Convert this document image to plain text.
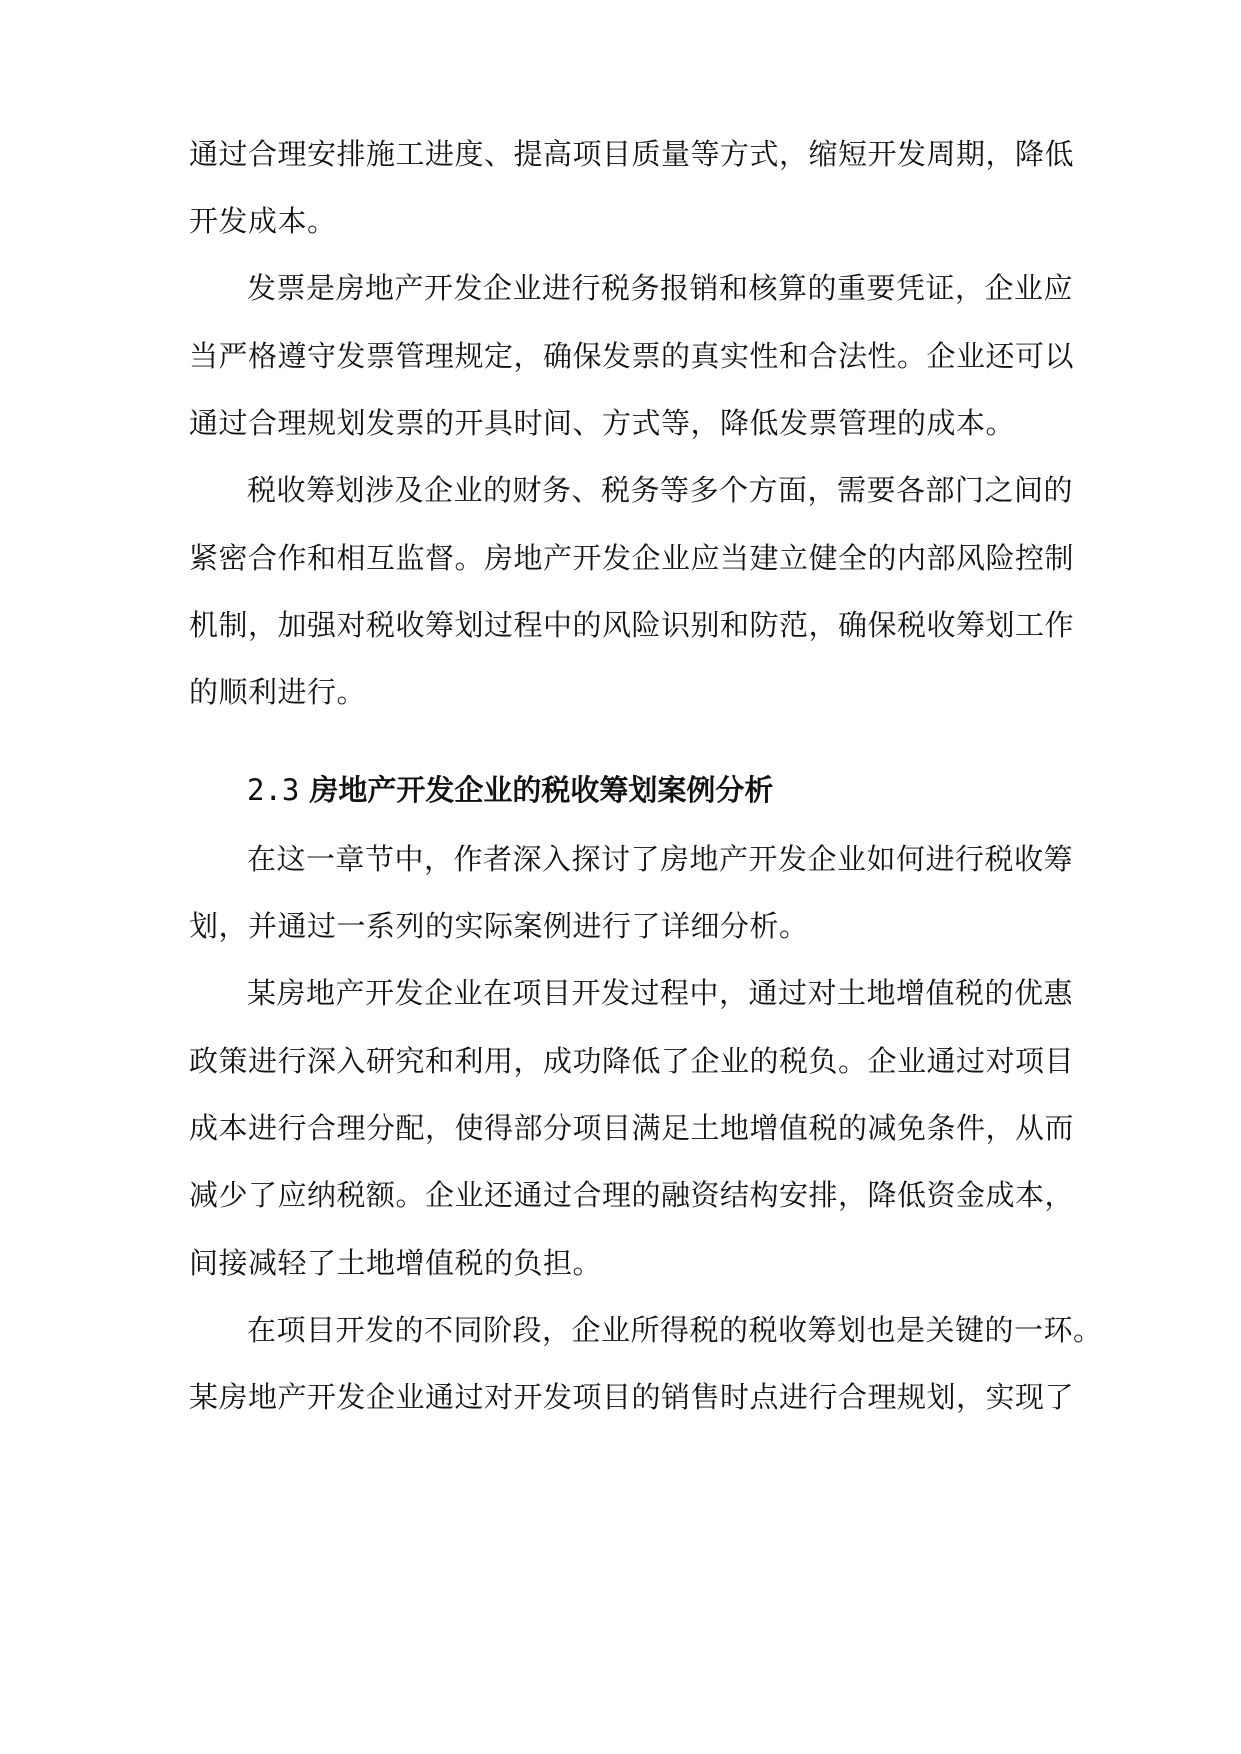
通过合理安排施工进度、提高项目质量等方式，缩短开发周期，降低
开发成本。
发票是房地产开发企业进行税务报销和核算的重要凭证，企业应
当严格遵守发票管理规定，确保发票的真实性和合法性。企业还可以
通过合理规划发票的开具时间、方式等，降低发票管理的成本。
税收筹划涉及企业的财务、税务等多个方面，需要各部门之间的
紧密合作和相互监督。房地产开发企业应当建立健全的内部风险控制
机制，加强对税收筹划过程中的风险识别和防范，确保税收筹划工作
的顺利进行。
2.3 房地产开发企业的税收筹划案例分析
在这一章节中，作者深入探讨了房地产开发企业如何进行税收筹
划，并通过一系列的实际案例进行了详细分析。
某房地产开发企业在项目开发过程中，通过对土地增值税的优惠
政策进行深入研究和利用，成功降低了企业的税负。企业通过对项目
成本进行合理分配，使得部分项目满足土地增值税的减免条件，从而
减少了应纳税额。企业还通过合理的融资结构安排，降低资金成本，
间接减轻了土地增值税的负担。
在项目开发的不同阶段，企业所得税的税收筹划也是关键的一环。
某房地产开发企业通过对开发项目的销售时点进行合理规划，实现了
